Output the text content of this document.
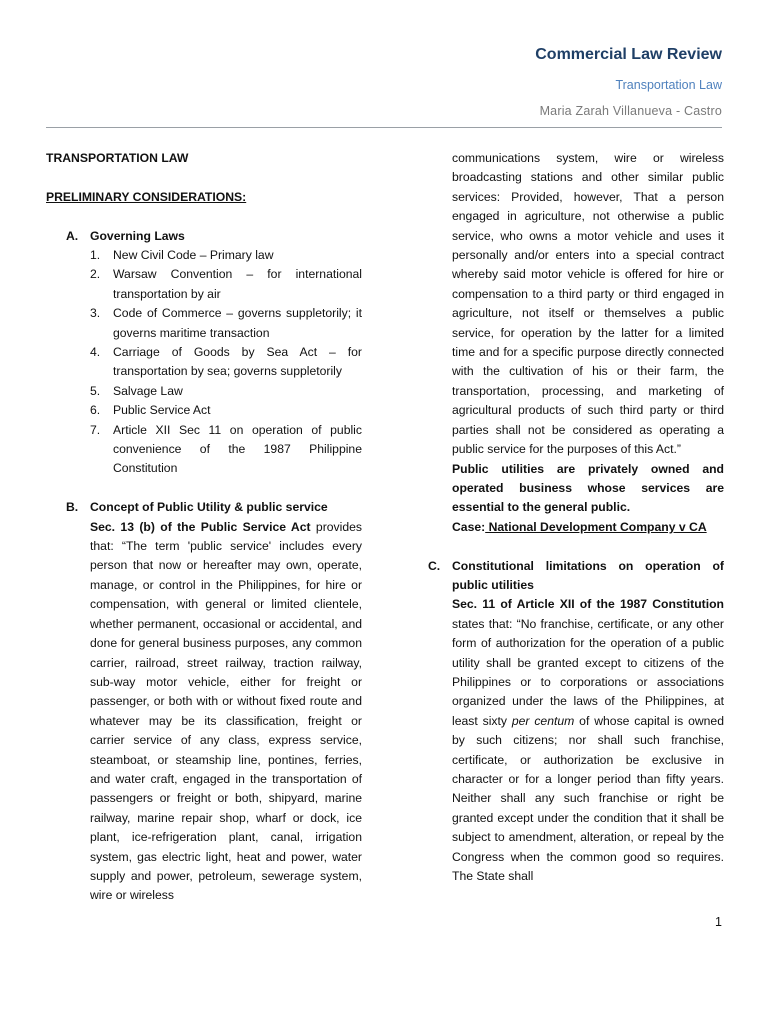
Commercial Law Review
Transportation Law
Maria Zarah Villanueva - Castro

TRANSPORTATION LAW

PRELIMINARY CONSIDERATIONS:

A. Governing Laws
1. New Civil Code – Primary law
2. Warsaw Convention – for international transportation by air
3. Code of Commerce – governs suppletorily; it governs maritime transaction
4. Carriage of Goods by Sea Act – for transportation by sea; governs suppletorily
5. Salvage Law
6. Public Service Act
7. Article XII Sec 11 on operation of public convenience of the 1987 Philippine Constitution
B. Concept of Public Utility & public service

Sec. 13 (b) of the Public Service Act provides that: “The term 'public service' includes every person that now or hereafter may own, operate, manage, or control in the Philippines, for hire or compensation, with general or limited clientele, whether permanent, occasional or accidental, and done for general business purposes, any common carrier, railroad, street railway, traction railway, sub-way motor vehicle, either for freight or passenger, or both with or without fixed route and whatever may be its classification, freight or carrier service of any class, express service, steamboat, or steamship line, pontines, ferries, and water craft, engaged in the transportation of passengers or freight or both, shipyard, marine railway, marine repair shop, wharf or dock, ice plant, ice-refrigeration plant, canal, irrigation system, gas electric light, heat and power, water supply and power, petroleum, sewerage system, wire or wireless

communications system, wire or wireless broadcasting stations and other similar public services: Provided, however, That a person engaged in agriculture, not otherwise a public service, who owns a motor vehicle and uses it personally and/or enters into a special contract whereby said motor vehicle is offered for hire or compensation to a third party or third engaged in agriculture, not itself or themselves a public service, for operation by the latter for a limited time and for a specific purpose directly connected with the cultivation of his or their farm, the transportation, processing, and marketing of agricultural products of such third party or third parties shall not be considered as operating a public service for the purposes of this Act.”

Public utilities are privately owned and operated business whose services are essential to the general public.

Case: National Development Company v CA

C. Constitutional limitations on operation of public utilities

Sec. 11 of Article XII of the 1987 Constitution states that: “No franchise, certificate, or any other form of authorization for the operation of a public utility shall be granted except to citizens of the Philippines or to corporations or associations organized under the laws of the Philippines, at least sixty per centum of whose capital is owned by such citizens; nor shall such franchise, certificate, or authorization be exclusive in character or for a longer period than fifty years. Neither shall any such franchise or right be granted except under the condition that it shall be subject to amendment, alteration, or repeal by the Congress when the common good so requires. The State shall

1
